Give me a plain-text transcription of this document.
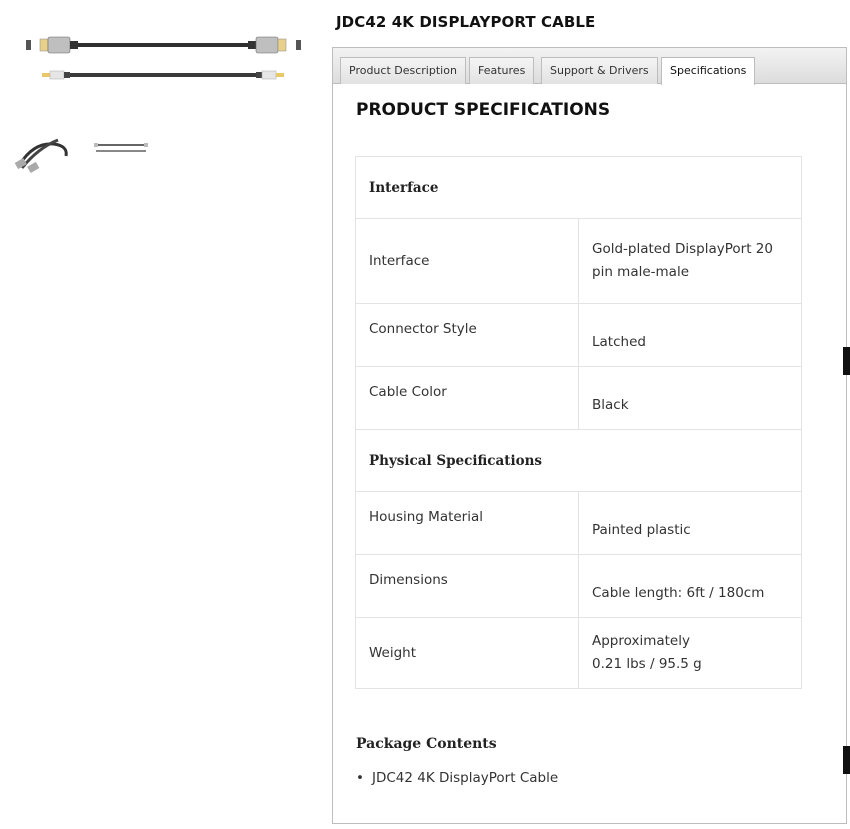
JDC42 4K DISPLAYPORT CABLE
Product Description	Features	Support & Drivers	Specifications
PRODUCT SPECIFICATIONS
Interface	
Interface	Gold-plated DisplayPort 20 pin male-male

Connector Style	Latched

Cable Color	Black

Physical Specifications	

Housing Material	Painted plastic

Dimensions	Cable length: 6ft / 180cm

Weight	Approximately
0.21 lbs / 95.5 g
Package Contents
• JDC42 4K DisplayPort Cable
